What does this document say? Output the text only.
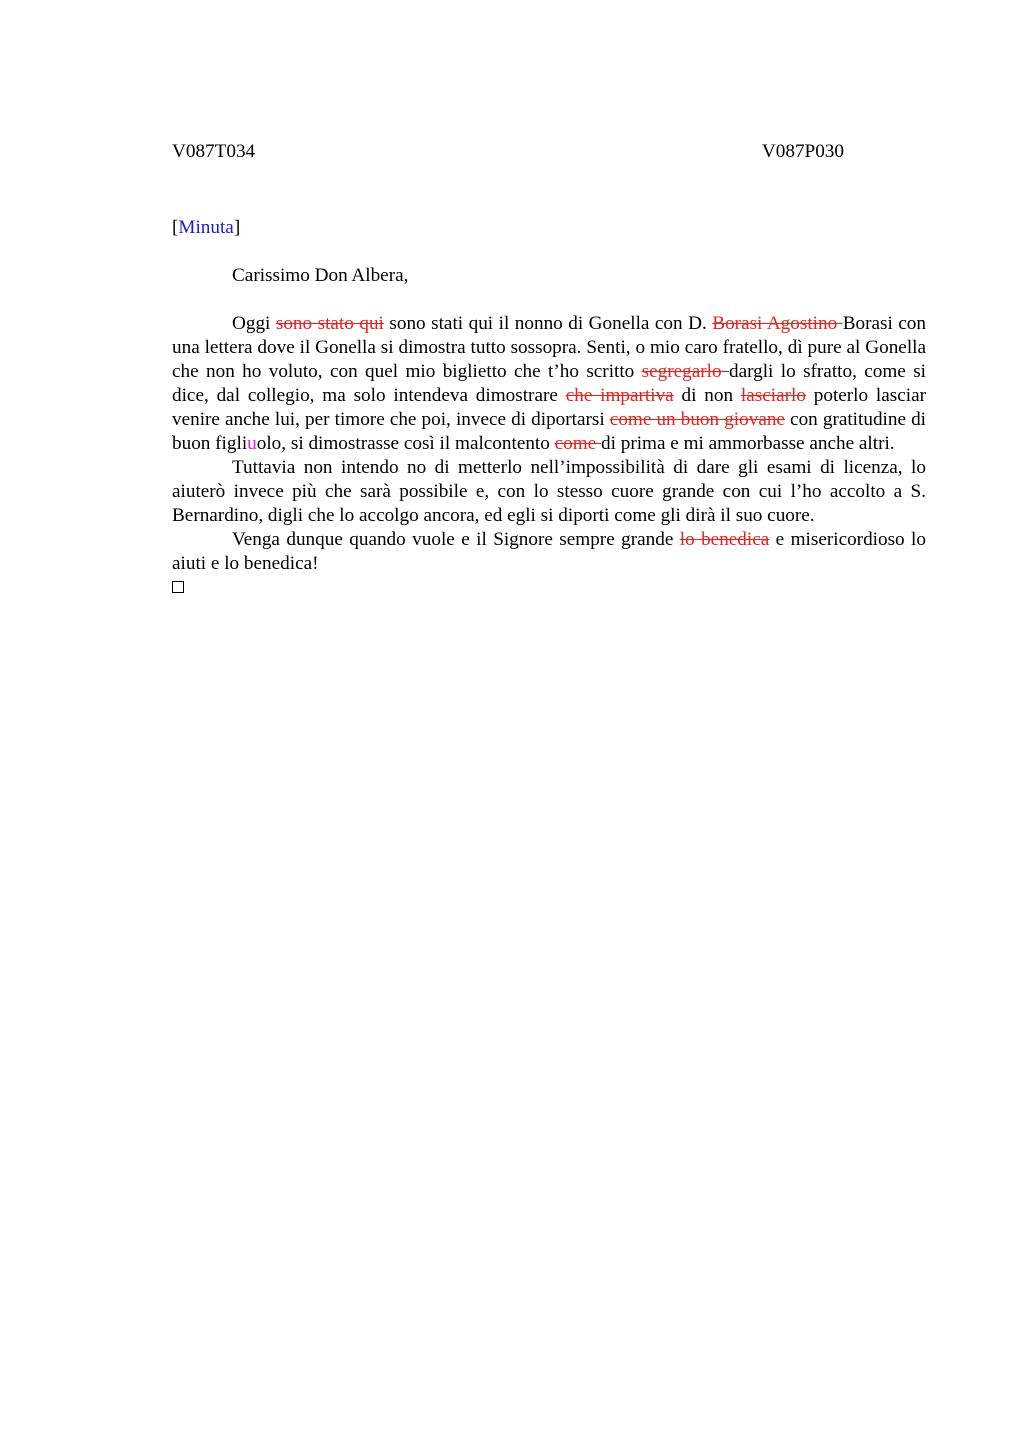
V087T034	V087P030
[Minuta]
Carissimo Don Albera,

Oggi sono stato qui sono stati qui il nonno di Gonella con D. Borasi Agostino Borasi con una lettera dove il Gonella si dimostra tutto sossopra. Senti, o mio caro fratello, dì pure al Gonella che non ho voluto, con quel mio biglietto che t’ho scritto segregarlo dargli lo sfratto, come si dice, dal collegio, ma solo intendeva dimostrare che impartiva di non lasciarlo poterlo lasciar venire anche lui, per timore che poi, invece di diportarsi come un buon giovane con gratitudine di buon figliuolo, si dimostrasse così il malcontento come di prima e mi ammorbasse anche altri.

Tuttavia non intendo no di metterlo nell’impossibilità di dare gli esami di licenza, lo aiuterò invece più che sarà possibile e, con lo stesso cuore grande con cui l’ho accolto a S. Bernardino, digli che lo accolgo ancora, ed egli si diporti come gli dirà il suo cuore.

Venga dunque quando vuole e il Signore sempre grande lo benedica e misericordioso lo aiuti e lo benedica!
